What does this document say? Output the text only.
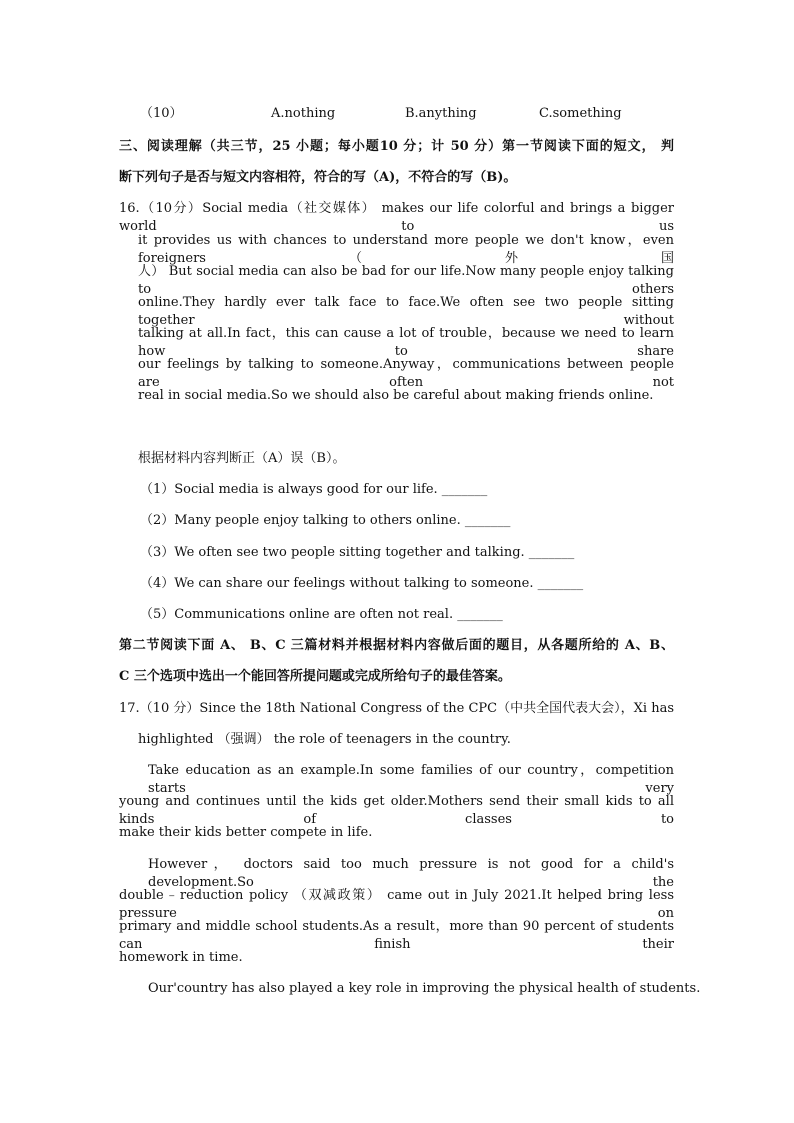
（10）	A.nothing	B.anything	C.something
三、阅读理解（共三节，25 小题；每小题10 分；计 50 分）第一节阅读下面的短文， 判
断下列句子是否与短文内容相符，符合的写（A)，不符合的写（B)。
16.（10分）Social media（社交媒体） makes our life colorful and brings a bigger world to us
it provides us with chances to understand more people we don't know，even foreigners（外国
人） But social media can also be bad for our life.Now many people enjoy talking to others
online.They hardly ever talk face to face.We often see two people sitting together without
talking at all.In fact，this can cause a lot of trouble，because we need to learn how to share
our feelings by talking to someone.Anyway，communications between people are often not
real in social media.So we should also be careful about making friends online.
根据材料内容判断正（A）误（B）。
（1）Social media is always good for our life. _______
（2）Many people enjoy talking to others online. _______
（3）We often see two people sitting together and talking. _______
（4）We can share our feelings without talking to someone. _______
（5）Communications online are often not real. _______
第二节阅读下面 A、 B、C 三篇材料并根据材料内容做后面的题目，从各题所给的 A、B、
C 三个选项中选出一个能回答所提问题或完成所给句子的最佳答案。
17.（10 分）Since the 18th National Congress of the CPC（中共全国代表大会），Xi has
highlighted （强调） the role of teenagers in the country.
Take education as an example.In some families of our country，competition starts very
young and continues until the kids get older.Mothers send their small kids to all kinds of classes to
make their kids better compete in life.
However， doctors said too much pressure is not good for a child's development.So the
double﹣reduction policy （双减政策） came out in July 2021.It helped bring less pressure on
primary and middle school students.As a result，more than 90 percent of students can finish their
homework in time.
Our'country has also played a key role in improving the physical health of students.
